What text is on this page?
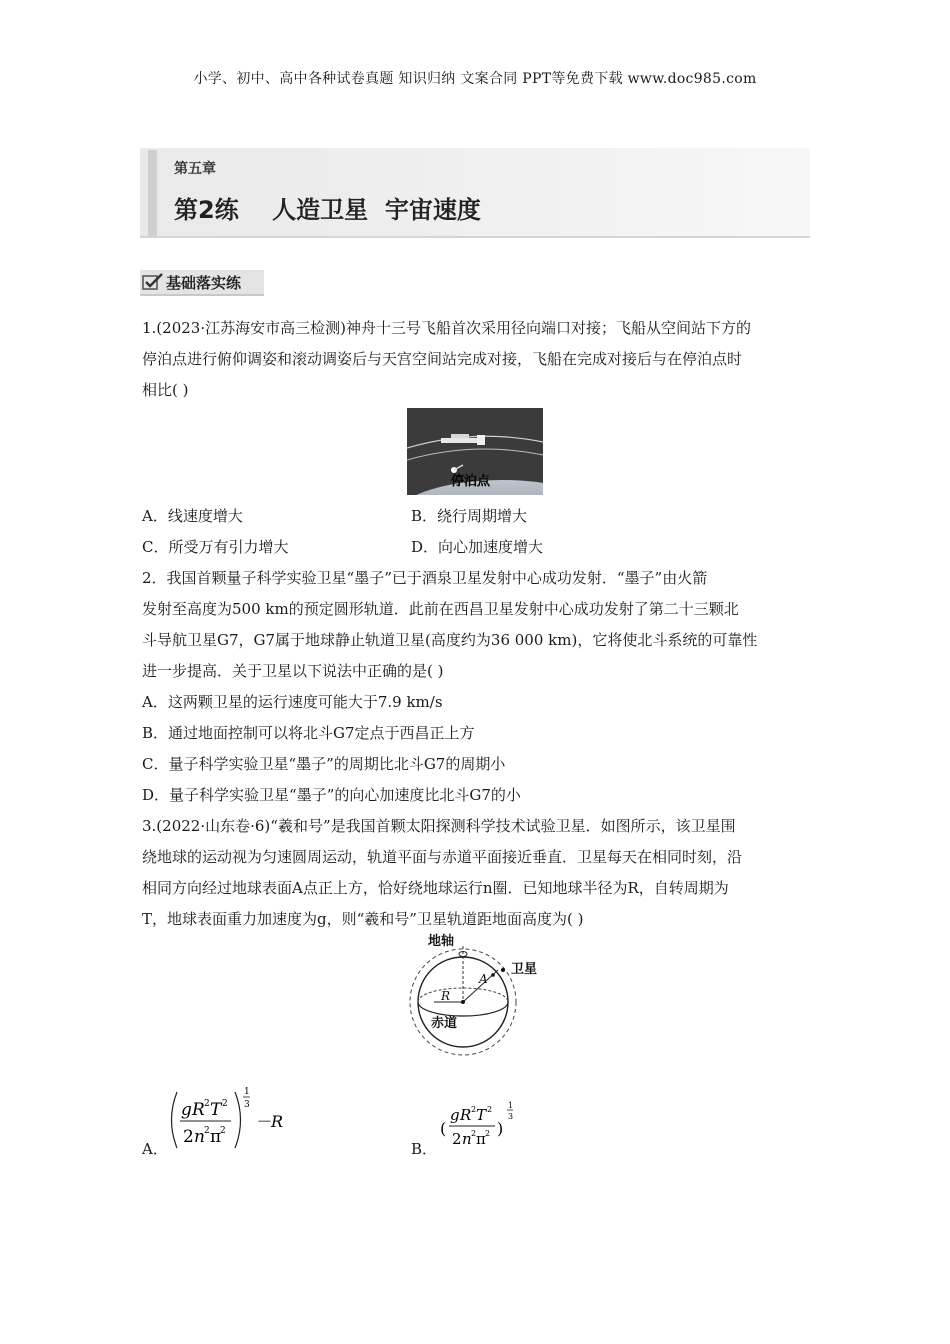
小学、初中、高中各种试卷真题 知识归纳 文案合同 PPT等免费下载 www.doc985.com
第五章
第2练    人造卫星  宇宙速度
基础落实练
1.(2023·江苏海安市高三检测)神舟十三号飞船首次采用径向端口对接；飞船从空间站下方的
停泊点进行俯仰调姿和滚动调姿后与天宫空间站完成对接，飞船在完成对接后与在停泊点时
相比( )
停泊点
A．线速度增大	B．绕行周期增大
C．所受万有引力增大	D．向心加速度增大
2．我国首颗量子科学实验卫星“墨子”已于酒泉卫星发射中心成功发射．“墨子”由火箭
发射至高度为500 km的预定圆形轨道．此前在西昌卫星发射中心成功发射了第二十三颗北
斗导航卫星G7，G7属于地球静止轨道卫星(高度约为36 000 km)，它将使北斗系统的可靠性
进一步提高．关于卫星以下说法中正确的是( )
A．这两颗卫星的运行速度可能大于7.9 km/s
B．通过地面控制可以将北斗G7定点于西昌正上方
C．量子科学实验卫星“墨子”的周期比北斗G7的周期小
D．量子科学实验卫星“墨子”的向心加速度比北斗G7的小
3.(2022·山东卷·6)“羲和号”是我国首颗太阳探测科学技术试验卫星．如图所示，该卫星围
绕地球的运动视为匀速圆周运动，轨道平面与赤道平面接近垂直．卫星每天在相同时刻，沿
相同方向经过地球表面A点正上方，恰好绕地球运行n圈．已知地球半径为R，自转周期为
T，地球表面重力加速度为g，则“羲和号”卫星轨道距地面高度为( )
地轴
卫星
A
R
赤道
A．
g R 2 T 2
2 n 2 π
2
1
3
－R
B．
(
g R 2 T 2
2 n 2 π 2 )
1
3
